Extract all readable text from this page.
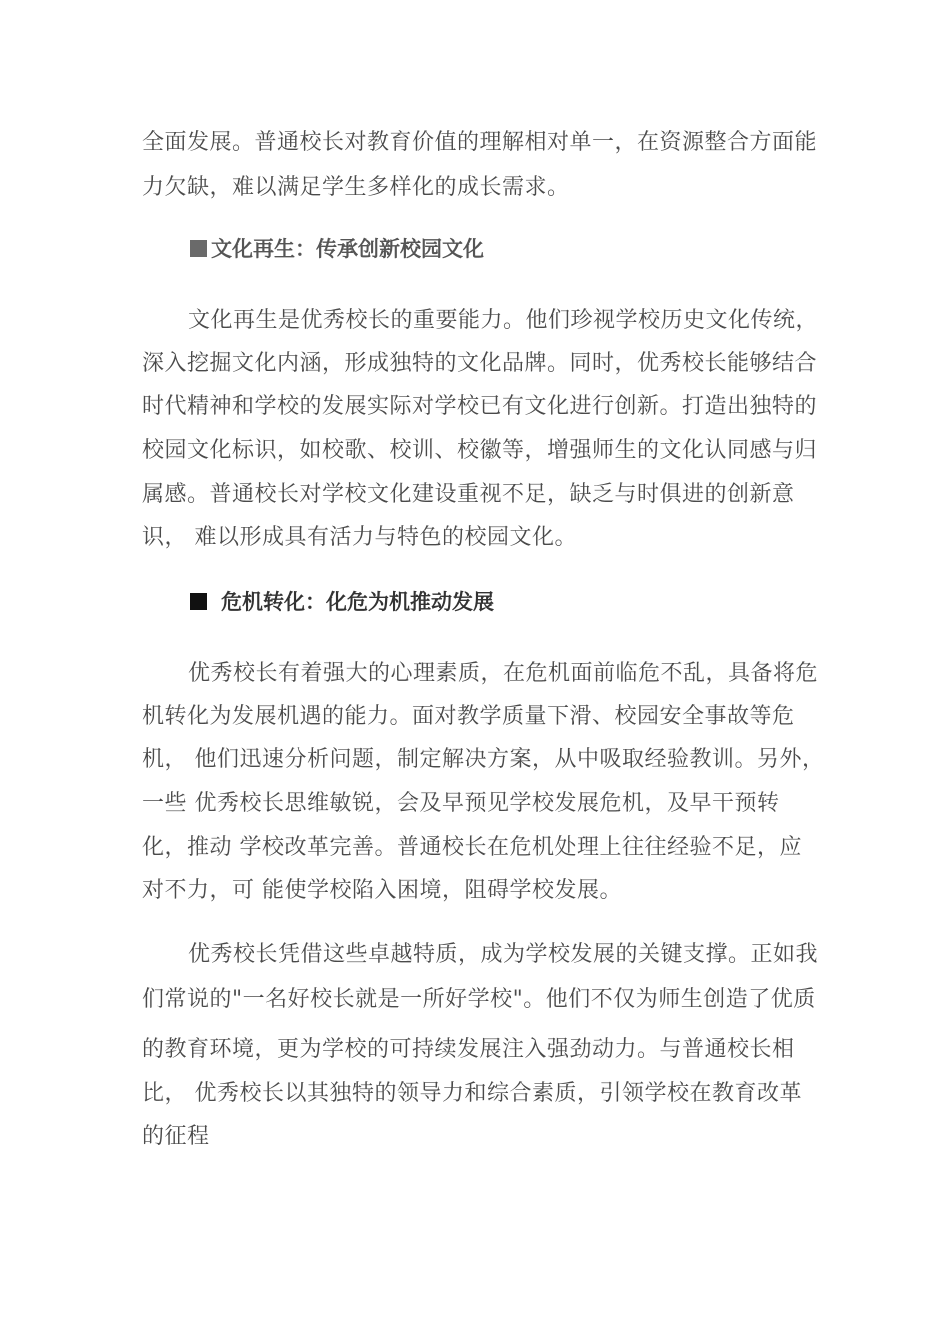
全面发展。普通校长对教育价值的理解相对单一，在资源整合方面能
力欠缺，难以满足学生多样化的成长需求。
文化再生：传承创新校园文化
文化再生是优秀校长的重要能力。他们珍视学校历史文化传统，
深入挖掘文化内涵，形成独特的文化品牌。同时，优秀校长能够结合
时代精神和学校的发展实际对学校已有文化进行创新。打造出独特的
校园文化标识，如校歌、校训、校徽等，增强师生的文化认同感与归
属感。普通校长对学校文化建设重视不足，缺乏与时俱进的创新意
识， 难以形成具有活力与特色的校园文化。
危机转化：化危为机推动发展
优秀校长有着强大的心理素质，在危机面前临危不乱，具备将危
机转化为发展机遇的能力。面对教学质量下滑、校园安全事故等危
机， 他们迅速分析问题，制定解决方案，从中吸取经验教训。另外，
一些 优秀校长思维敏锐，会及早预见学校发展危机，及早干预转
化，推动 学校改革完善。普通校长在危机处理上往往经验不足，应
对不力，可 能使学校陷入困境，阻碍学校发展。
优秀校长凭借这些卓越特质，成为学校发展的关键支撑。正如我
们常说的"一名好校长就是一所好学校"。他们不仅为师生创造了优质
的教育环境，更为学校的可持续发展注入强劲动力。与普通校长相
比， 优秀校长以其独特的领导力和综合素质，引领学校在教育改革
的征程
